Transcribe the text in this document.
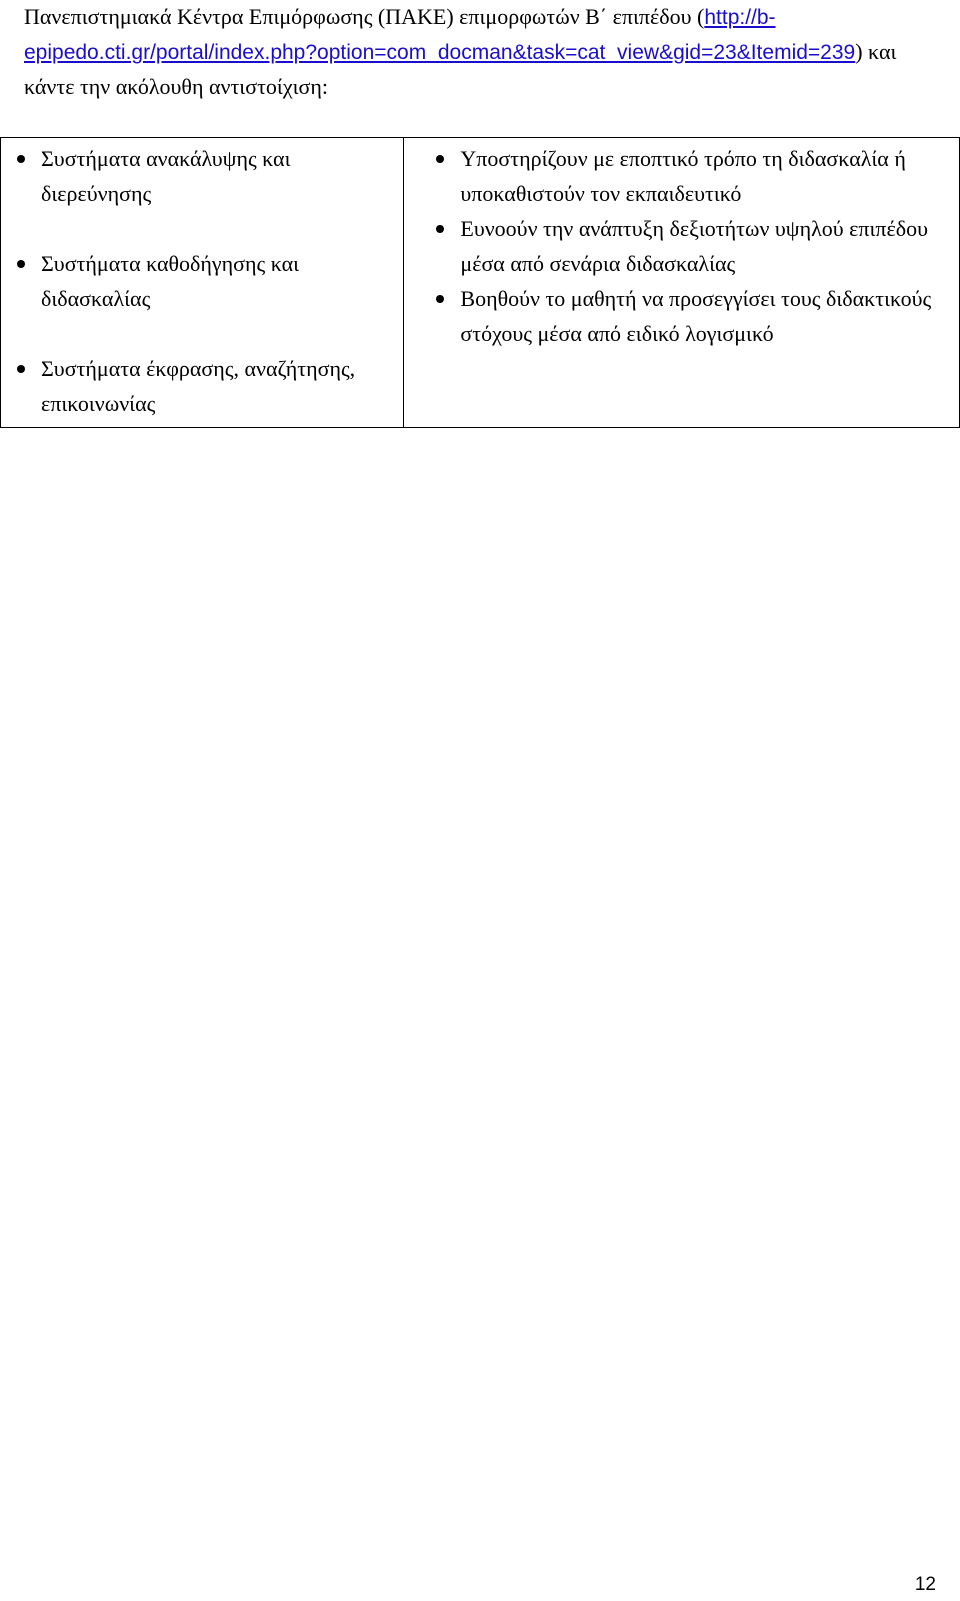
Πανεπιστημιακά Κέντρα Επιμόρφωσης (ΠΑΚΕ) επιμορφωτών Β΄ επιπέδου (http://b-epipedo.cti.gr/portal/index.php?option=com_docman&task=cat_view&gid=23&Itemid=239) και κάντε την ακόλουθη αντιστοίχιση:

Συστήματα ανακάλυψης και διερεύνησης
Συστήματα καθοδήγησης και διδασκαλίας
Συστήματα έκφρασης, αναζήτησης, επικοινωνίας

Υποστηρίζουν με εποπτικό τρόπο τη διδασκαλία ή υποκαθιστούν τον εκπαιδευτικό
Ευνοούν την ανάπτυξη δεξιοτήτων υψηλού επιπέδου μέσα από σενάρια διδασκαλίας
Βοηθούν το μαθητή να προσεγγίσει τους διδακτικούς στόχους μέσα από ειδικό λογισμικό
12
